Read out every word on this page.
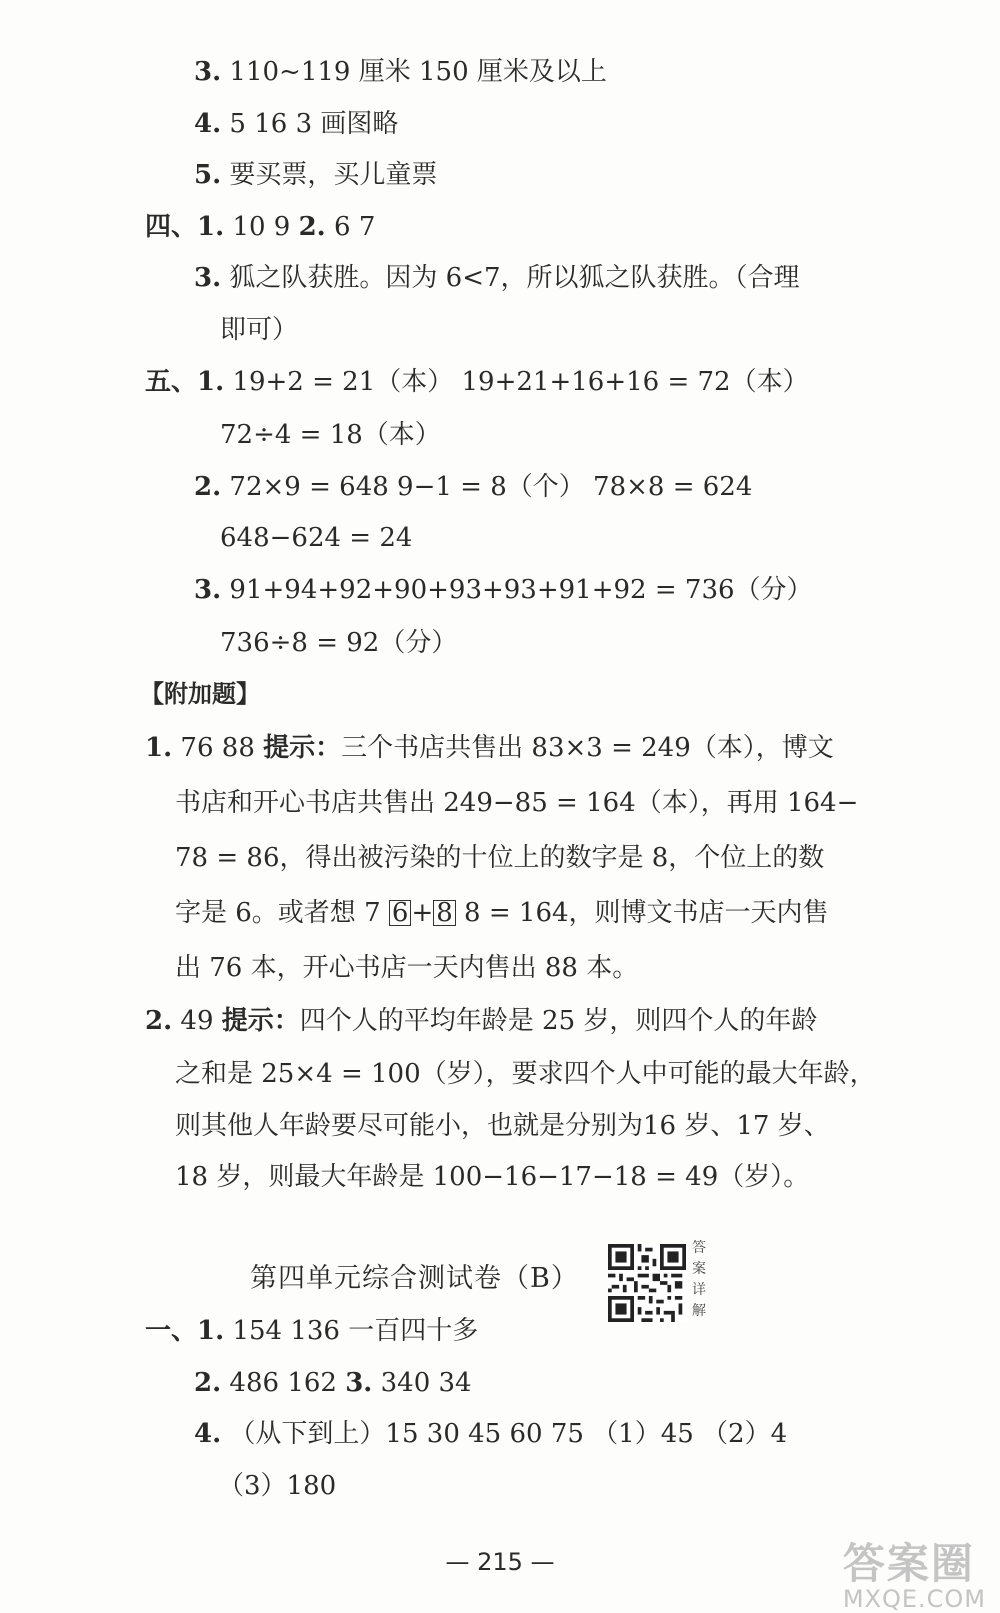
3. 110~119 厘米 150 厘米及以上
4. 5 16 3 画图略
5. 要买票，买儿童票
四、1. 10 9 2. 6 7
3. 狐之队获胜。因为 6<7，所以狐之队获胜。（合理
即可）
五、1. 19+2 = 21（本） 19+21+16+16 = 72（本）
72÷4 = 18（本）
2. 72×9 = 648 9−1 = 8（个） 78×8 = 624
648−624 = 24
3. 91+94+92+90+93+93+91+92 = 736（分）
736÷8 = 92（分）
【附加题】
1. 76 88 提示：三个书店共售出 83×3 = 249（本），博文
书店和开心书店共售出 249−85 = 164（本），再用 164−
78 = 86，得出被污染的十位上的数字是 8，个位上的数
字是 6。或者想 7 6 + 8 8 = 164，则博文书店一天内售
出 76 本，开心书店一天内售出 88 本。
2. 49 提示：四个人的平均年龄是 25 岁，则四个人的年龄
之和是 25×4 = 100（岁），要求四个人中可能的最大年龄，
则其他人年龄要尽可能小，也就是分别为16 岁、17 岁、
18 岁，则最大年龄是 100−16−17−18 = 49（岁）。
第四单元综合测试卷（B）
答案详解
一、1. 154 136 一百四十多
2. 486 162 3. 340 34
4. （从下到上）15 30 45 60 75 （1）45 （2）4
（3）180
— 215 —	答案圈
MXQE.COM
